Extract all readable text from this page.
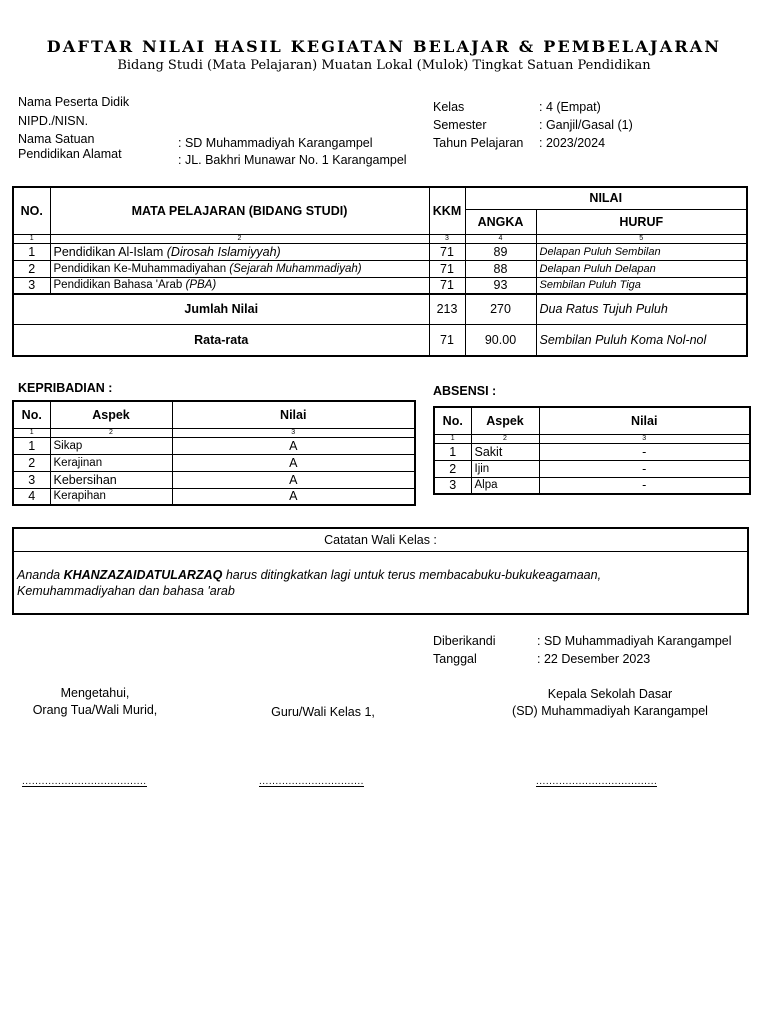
DAFTAR NILAI HASIL KEGIATAN BELAJAR & PEMBELAJARAN
Bidang Studi (Mata Pelajaran) Muatan Lokal (Mulok) Tingkat Satuan Pendidikan
Nama Peserta Didik
NIPD./NISN.
Nama Satuan
Pendidikan Alamat
: SD Muhammadiyah Karangampel
: JL. Bakhri Munawar No. 1 Karangampel
Kelas	: 4 (Empat)
Semester	: Ganjil/Gasal (1)
Tahun Pelajaran : 2023/2024
NO.	MATA PELAJARAN (BIDANG STUDI)	KKM	NILAI	
			ANGKA	HURUF
1	2	3	4	5
1	Pendidikan Al-Islam (Dirosah Islamiyyah)	71	89	Delapan Puluh Sembilan
2	Pendidikan Ke-Muhammadiyahan (Sejarah Muhammadiyah)	71	88	Delapan Puluh Delapan
3	Pendidikan Bahasa 'Arab (PBA)	71	93	Sembilan Puluh Tiga
Jumlah Nilai		213	270	Dua Ratus Tujuh Puluh
Rata-rata		71	90.00	Sembilan Puluh Koma Nol-nol
KEPRIBADIAN :
No.	Aspek	Nilai
1	2	3
1	Sikap	A
2	Kerajinan	A
3	Kebersihan	A
4	Kerapihan	A
ABSENSI :
No.	Aspek	Nilai
1	2	3
1	Sakit	-
2	Ijin	-
3	Alpa	-
Catatan Wali Kelas :
Ananda KHANZAZAIDATULARZAQ harus ditingkatkan lagi untuk terus membacabuku-bukukeagamaan,
Kemuhammadiyahan dan bahasa 'arab
Diberikandi	: SD Muhammadiyah Karangampel
Tanggal	: 22 Desember 2023
Mengetahui,
Orang Tua/Wali Murid,	Guru/Wali Kelas 1,
Kepala Sekolah Dasar
(SD) Muhammadiyah Karangampel
......................................	................................	.....................................
